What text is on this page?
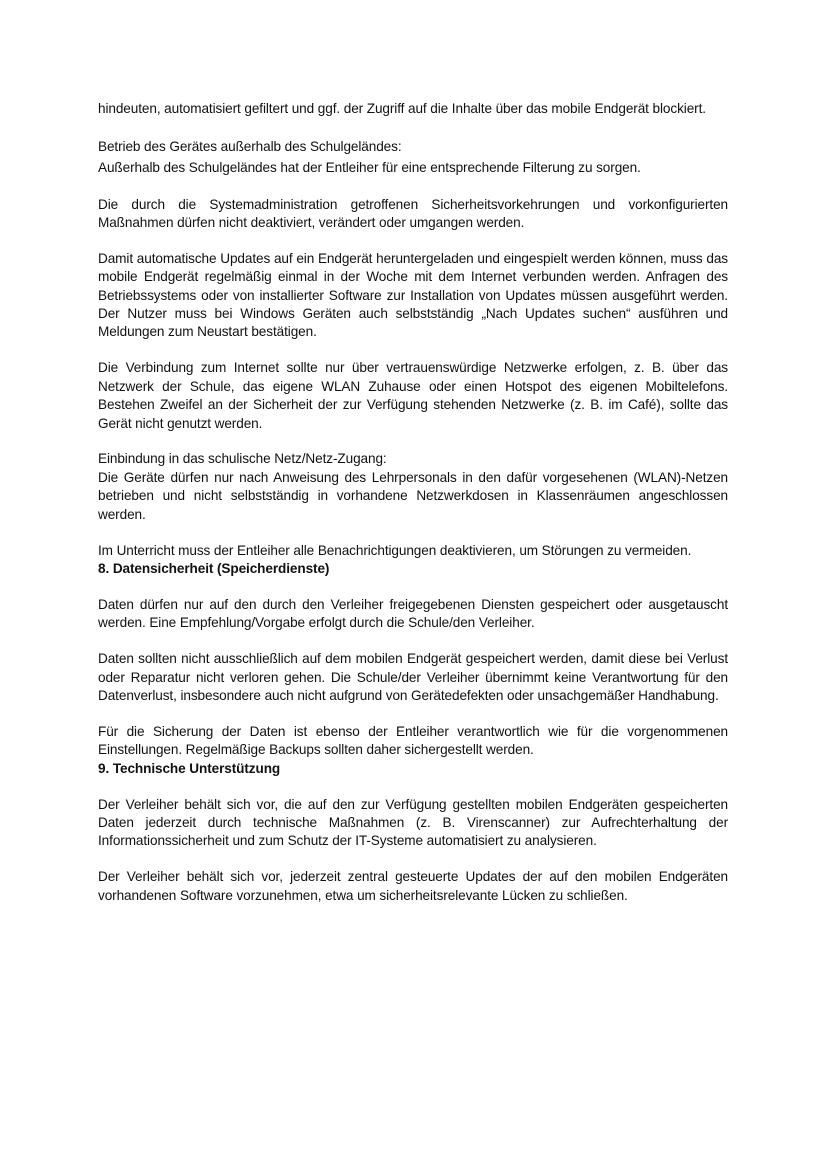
hindeuten, automatisiert gefiltert und ggf. der Zugriff auf die Inhalte über das mobile Endgerät blockiert.

Betrieb des Gerätes außerhalb des Schulgeländes:
Außerhalb des Schulgeländes hat der Entleiher für eine entsprechende Filterung zu sorgen.

Die durch die Systemadministration getroffenen Sicherheitsvorkehrungen und vorkonfigurierten Maßnahmen dürfen nicht deaktiviert, verändert oder umgangen werden.

Damit automatische Updates auf ein Endgerät heruntergeladen und eingespielt werden können, muss das mobile Endgerät regelmäßig einmal in der Woche mit dem Internet verbunden werden. Anfragen des Betriebssystems oder von installierter Software zur Installation von Updates müssen ausgeführt werden. Der Nutzer muss bei Windows Geräten auch selbstständig „Nach Updates suchen“ ausführen und Meldungen zum Neustart bestätigen.

Die Verbindung zum Internet sollte nur über vertrauenswürdige Netzwerke erfolgen, z. B. über das Netzwerk der Schule, das eigene WLAN Zuhause oder einen Hotspot des eigenen Mobiltelefons. Bestehen Zweifel an der Sicherheit der zur Verfügung stehenden Netzwerke (z. B. im Café), sollte das Gerät nicht genutzt werden.

Einbindung in das schulische Netz/Netz-Zugang:
Die Geräte dürfen nur nach Anweisung des Lehrpersonals in den dafür vorgesehenen (WLAN)-Netzen betrieben und nicht selbstständig in vorhandene Netzwerkdosen in Klassenräumen angeschlossen werden.

Im Unterricht muss der Entleiher alle Benachrichtigungen deaktivieren, um Störungen zu vermeiden.

8. Datensicherheit (Speicherdienste)

Daten dürfen nur auf den durch den Verleiher freigegebenen Diensten gespeichert oder ausgetauscht werden. Eine Empfehlung/Vorgabe erfolgt durch die Schule/den Verleiher.

Daten sollten nicht ausschließlich auf dem mobilen Endgerät gespeichert werden, damit diese bei Verlust oder Reparatur nicht verloren gehen. Die Schule/der Verleiher übernimmt keine Verantwortung für den Datenverlust, insbesondere auch nicht aufgrund von Gerätedefekten oder unsachgemäßer Handhabung.

Für die Sicherung der Daten ist ebenso der Entleiher verantwortlich wie für die vorgenommenen Einstellungen. Regelmäßige Backups sollten daher sichergestellt werden.

9. Technische Unterstützung

Der Verleiher behält sich vor, die auf den zur Verfügung gestellten mobilen Endgeräten gespeicherten Daten jederzeit durch technische Maßnahmen (z. B. Virenscanner) zur Aufrechterhaltung der Informationssicherheit und zum Schutz der IT-Systeme automatisiert zu analysieren.

Der Verleiher behält sich vor, jederzeit zentral gesteuerte Updates der auf den mobilen Endgeräten vorhandenen Software vorzunehmen, etwa um sicherheitsrelevante Lücken zu schließen.
